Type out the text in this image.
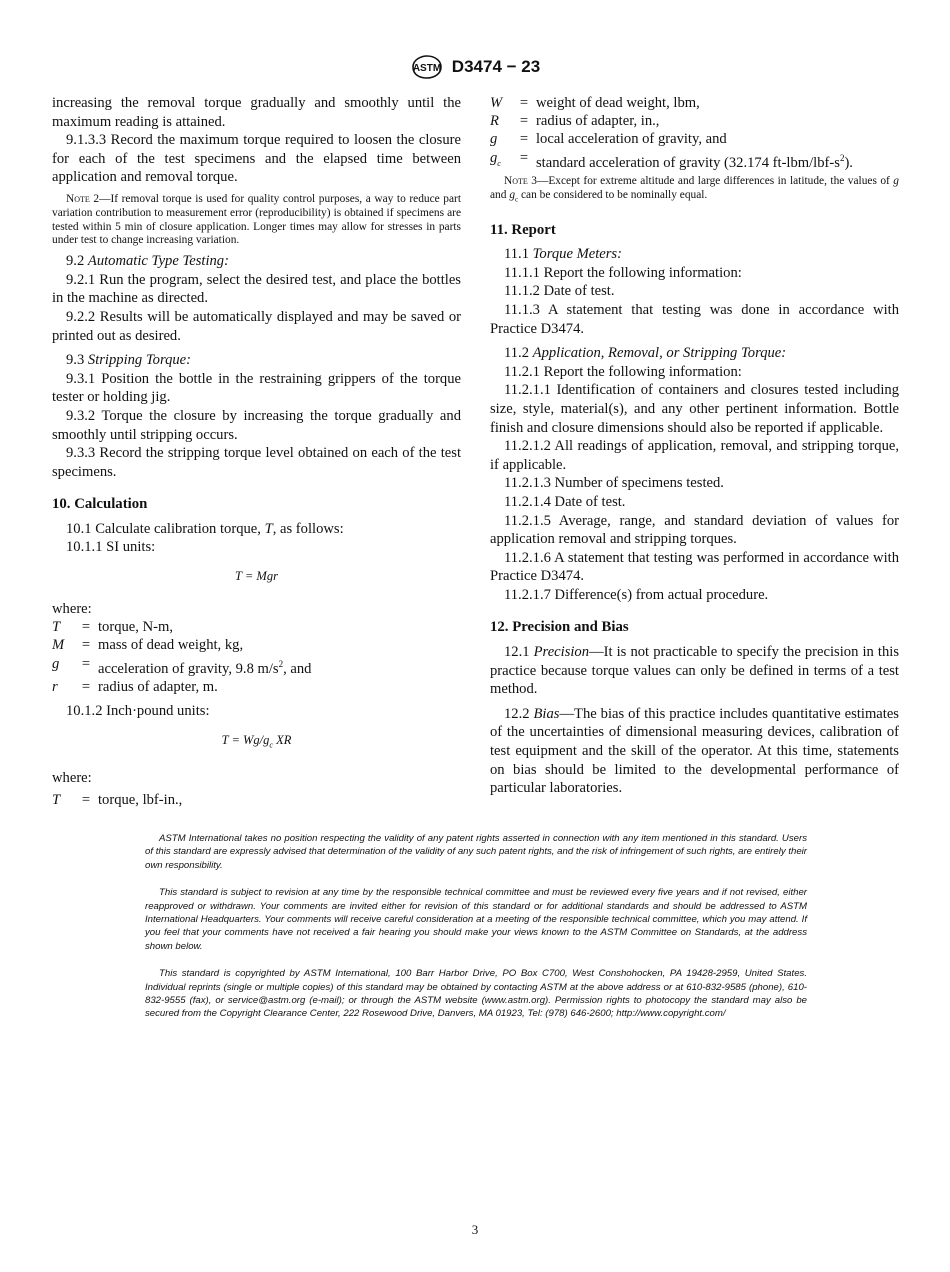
ASTM D3474 − 23

increasing the removal torque gradually and smoothly until the maximum reading is attained.

9.1.3.3 Record the maximum torque required to loosen the closure for each of the test specimens and the elapsed time between application and removal torque.

Note 2—If removal torque is used for quality control purposes, a way to reduce part variation contribution to measurement error (reproducibility) is obtained if specimens are tested within 5 min of closure application. Longer times may allow for stresses in parts under test to change increasing variation.

9.2 Automatic Type Testing:

9.2.1 Run the program, select the desired test, and place the bottles in the machine as directed.

9.2.2 Results will be automatically displayed and may be saved or printed out as desired.

9.3 Stripping Torque:

9.3.1 Position the bottle in the restraining grippers of the torque tester or holding jig.

9.3.2 Torque the closure by increasing the torque gradually and smoothly until stripping occurs.

9.3.3 Record the stripping torque level obtained on each of the test specimens.

10. Calculation

10.1 Calculate calibration torque, T, as follows:

10.1.1 SI units:

T = Mgr

where:

T	=	torque, N-m,
M	=	mass of dead weight, kg,
g	=	acceleration of gravity, 9.8 $m/s^2$, and
r	=	radius of adapter, m.

10.1.2 Inch·pound units:

$T = Wg/g_c$ XR

where:

T	=	torque, lbf-in.,
W	=	weight of dead weight, lbm,
R	=	radius of adapter, in.,
g	=	local acceleration of gravity, and
$g_c$	=	standard acceleration of gravity (32.174 $ft-lbm/lbf-s^2$).

Note 3—Except for extreme altitude and large differences in latitude, the values of g and $g_c$ can be considered to be nominally equal.

11. Report

11.1 Torque Meters:

11.1.1 Report the following information:

11.1.2 Date of test.

11.1.3 A statement that testing was done in accordance with Practice D3474.

11.2 Application, Removal, or Stripping Torque:

11.2.1 Report the following information:

11.2.1.1 Identification of containers and closures tested including size, style, material(s), and any other pertinent information. Bottle finish and closure dimensions should also be reported if applicable.

11.2.1.2 All readings of application, removal, and stripping torque, if applicable.

11.2.1.3 Number of specimens tested.

11.2.1.4 Date of test.

11.2.1.5 Average, range, and standard deviation of values for application removal and stripping torques.

11.2.1.6 A statement that testing was performed in accordance with Practice D3474.

11.2.1.7 Difference(s) from actual procedure.

12. Precision and Bias

12.1 Precision—It is not practicable to specify the precision in this practice because torque values can only be defined in terms of a test method.

12.2 Bias—The bias of this practice includes quantitative estimates of the uncertainties of dimensional measuring devices, calibration of test equipment and the skill of the operator. At this time, statements on bias should be limited to the developmental performance of particular laboratories.

ASTM International takes no position respecting the validity of any patent rights asserted in connection with any item mentioned in this standard. Users of this standard are expressly advised that determination of the validity of any such patent rights, and the risk of infringement of such rights, are entirely their own responsibility.

This standard is subject to revision at any time by the responsible technical committee and must be reviewed every five years and if not revised, either reapproved or withdrawn. Your comments are invited either for revision of this standard or for additional standards and should be addressed to ASTM International Headquarters. Your comments will receive careful consideration at a meeting of the responsible technical committee, which you may attend. If you feel that your comments have not received a fair hearing you should make your views known to the ASTM Committee on Standards, at the address shown below.

This standard is copyrighted by ASTM International, 100 Barr Harbor Drive, PO Box C700, West Conshohocken, PA 19428-2959, United States. Individual reprints (single or multiple copies) of this standard may be obtained by contacting ASTM at the above address or at 610-832-9585 (phone), 610-832-9555 (fax), or service@astm.org (e-mail); or through the ASTM website (www.astm.org). Permission rights to photocopy the standard may also be secured from the Copyright Clearance Center, 222 Rosewood Drive, Danvers, MA 01923, Tel: (978) 646-2600; http://www.copyright.com/

3
